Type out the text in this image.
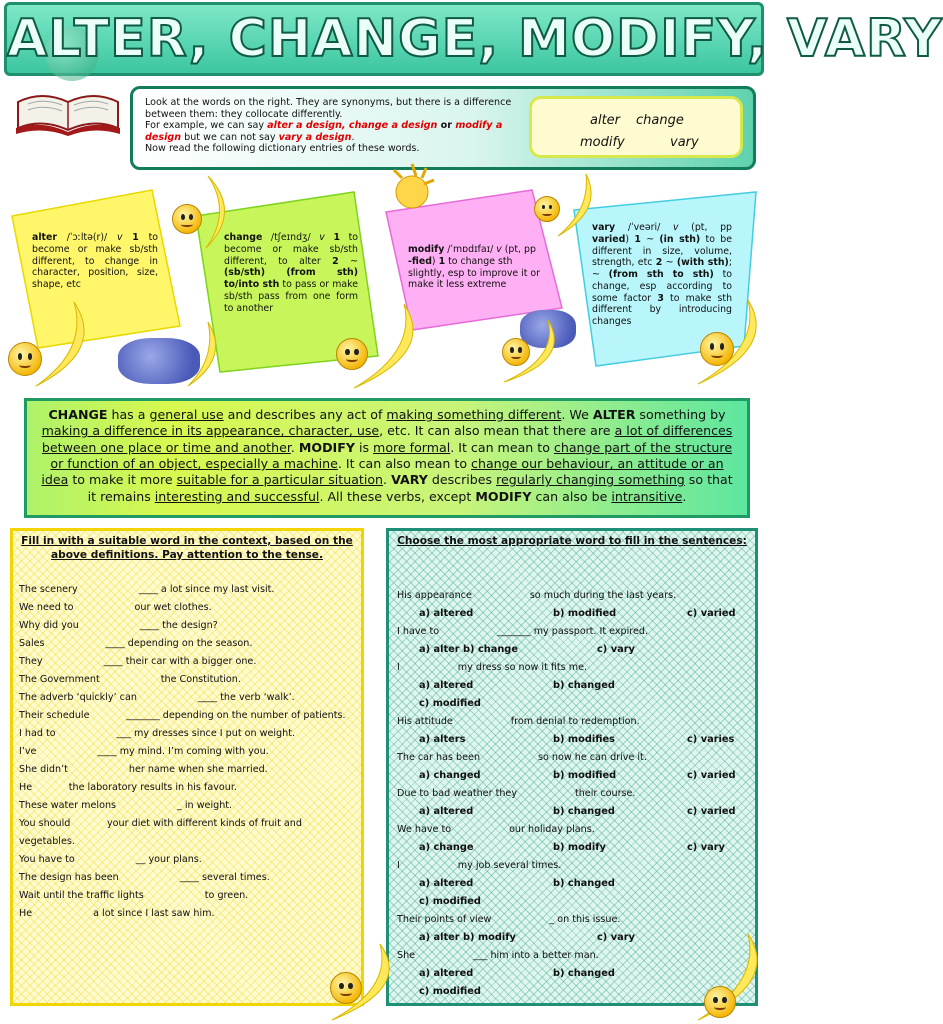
ALTER, CHANGE, MODIFY, VARY
Look at the words on the right. They are synonyms, but there is a difference between them: they collocate differently.
For example, we can say alter a design, change a design or modify a design but we can not say vary a design.
Now read the following dictionary entries of these words.
alter change
modify	vary
alter /ˈɔːltə(r)/ v 1 to become or make sb/sth different, to change in character, position, size, shape, etc
change /tʃeɪndʒ/ v 1 to become or make sb/sth different, to alter 2 ~ (sb/sth) (from sth) to/into sth to pass or make sb/sth pass from one form to another
modify /ˈmɒdɪfaɪ/ v (pt, pp -fied) 1 to change sth slightly, esp to improve it or make it less extreme
vary /ˈveəri/ v (pt, pp varied) 1 ~ (in sth) to be different in size, volume, strength, etc 2 ~ (with sth); ~ (from sth to sth) to change, esp according to some factor 3 to make sth different by introducing changes
CHANGE has a general use and describes any act of making something different. We ALTER something by making a difference in its appearance, character, use, etc. It can also mean that there are a lot of differences between one place or time and another. MODIFY is more formal. It can mean to change part of the structure or function of an object, especially a machine. It can also mean to change our behaviour, an attitude or an idea to make it more suitable for a particular situation. VARY describes regularly changing something so that it remains interesting and successful. All these verbs, except MODIFY can also be intransitive.
Fill in with a suitable word in the context, based on the above definitions. Pay attention to the tense.
The scenery	____ a lot since my last visit.
We need to	our wet clothes.
Why did you	____ the design?
Sales	____ depending on the season.
They	____ their car with a bigger one.
The Government	the Constitution.
The adverb ‘quickly’ can	____ the verb ‘walk’.
Their schedule	_______ depending on the number of patients.
I had to	___ my dresses since I put on weight.
I’ve	____ my mind. I’m coming with you.
She didn’t	her name when she married.
He	the laboratory results in his favour.
These water melons	_ in weight.
You should	your diet with different kinds of fruit and vegetables.
You have to	__ your plans.
The design has been	____ several times.
Wait until the traffic lights	to green.
He	a lot since I last saw him.
Choose the most appropriate word to fill in the sentences:
His appearance	so much during the last years.
a) altered	b) modified	c) varied
I have to	_______ my passport. It expired.
a) alter b) change	c) vary
I	my dress so now it fits me.
a) altered	b) changed
c) modified
His attitude	from denial to redemption.
a) alters	b) modifies	c) varies
The car has been	so now he can drive it.
a) changed	b) modified	c) varied
Due to bad weather they	their course.
a) altered	b) changed	c) varied
We have to	our holiday plans.
a) change	b) modify	c) vary
I	my job several times.
a) altered	b) changed
c) modified
Their points of view	_ on this issue.
a) alter b) modify	c) vary
She	___ him into a better man.
a) altered	b) changed
c) modified
